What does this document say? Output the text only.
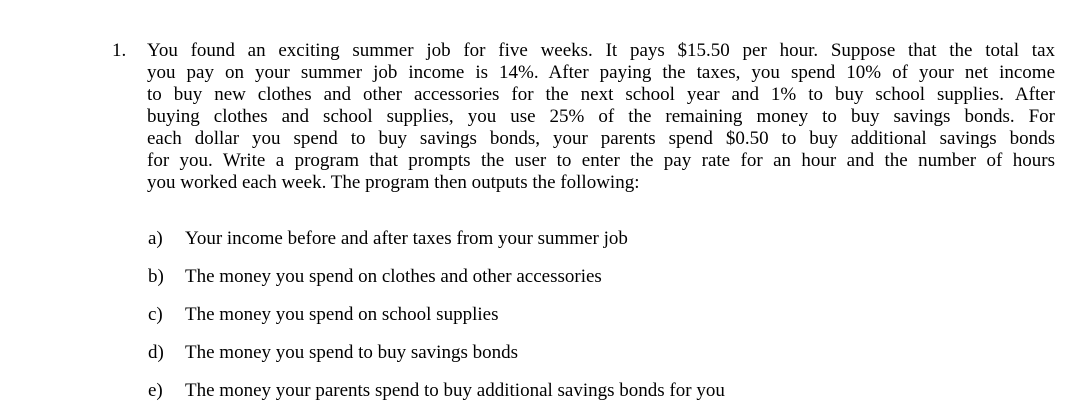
1. You found an exciting summer job for five weeks. It pays $15.50 per hour. Suppose that the total tax
you pay on your summer job income is 14%. After paying the taxes, you spend 10% of your net income
to buy new clothes and other accessories for the next school year and 1% to buy school supplies. After
buying clothes and school supplies, you use 25% of the remaining money to buy savings bonds. For
each dollar you spend to buy savings bonds, your parents spend $0.50 to buy additional savings bonds
for you. Write a program that prompts the user to enter the pay rate for an hour and the number of hours
you worked each week. The program then outputs the following:
a) Your income before and after taxes from your summer job
b) The money you spend on clothes and other accessories
c) The money you spend on school supplies
d) The money you spend to buy savings bonds
e) The money your parents spend to buy additional savings bonds for you
